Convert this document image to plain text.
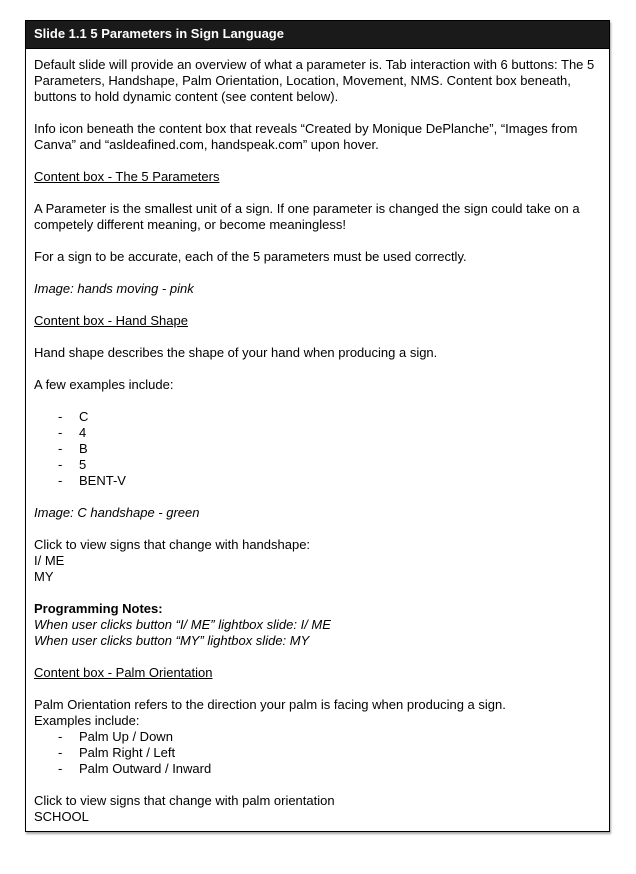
Slide 1.1 5 Parameters in Sign Language

Default slide will provide an overview of what a parameter is. Tab interaction with 6 buttons: The 5 Parameters, Handshape, Palm Orientation, Location, Movement, NMS. Content box beneath, buttons to hold dynamic content (see content below).

Info icon beneath the content box that reveals “Created by Monique DePlanche”, “Images from Canva” and “asldeafined.com, handspeak.com” upon hover.

Content box - The 5 Parameters

A Parameter is the smallest unit of a sign. If one parameter is changed the sign could take on a competely different meaning, or become meaningless!

For a sign to be accurate, each of the 5 parameters must be used correctly.

Image: hands moving - pink

Content box - Hand Shape

Hand shape describes the shape of your hand when producing a sign.

A few examples include:

-	C
-	4
-	B
-	5
-	BENT-V

Image: C handshape - green

Click to view signs that change with handshape:
I/ ME
MY
Programming Notes:
When user clicks button “I/ ME” lightbox slide: I/ ME
When user clicks button “MY” lightbox slide: MY

Content box - Palm Orientation

Palm Orientation refers to the direction your palm is facing when producing a sign.
Examples include:
-	Palm Up / Down
-	Palm Right / Left
-	Palm Outward / Inward
Click to view signs that change with palm orientation
SCHOOL
